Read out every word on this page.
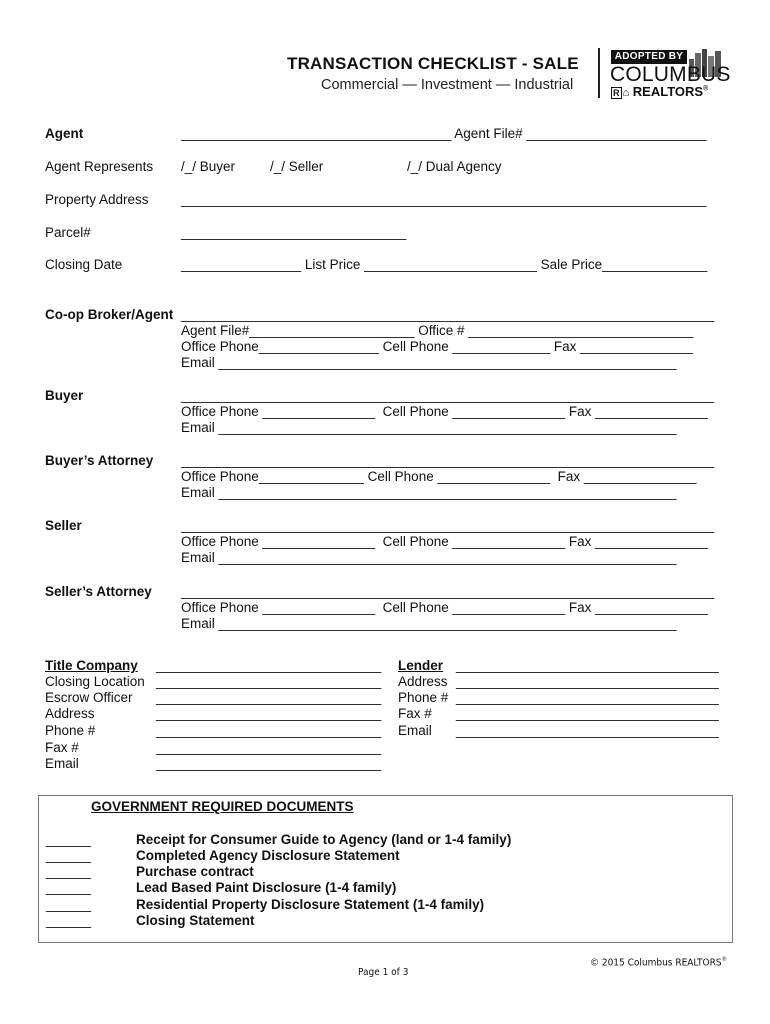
TRANSACTION CHECKLIST - SALE
Commercial — Investment — Industrial
ADOPTED BY
COLUMBUS
R ⌂ REALTORS®
Agent	____________________________________ Agent File# ________________________
Agent Represents /_/ Buyer	/_/ Seller	/_/ Dual Agency
Property Address ______________________________________________________________________
Parcel#	______________________________
Closing Date	________________ List Price _______________________ Sale Price______________
Co-op Broker/Agent _______________________________________________________________________
Agent File#______________________ Office # ______________________________
Office Phone________________ Cell Phone _____________ Fax _______________
Email _____________________________________________________________
Buyer	_______________________________________________________________________
Office Phone _______________  Cell Phone _______________ Fax _______________
Email _____________________________________________________________
Buyer’s Attorney _______________________________________________________________________
Office Phone______________ Cell Phone _______________  Fax _______________
Email _____________________________________________________________
Seller	_______________________________________________________________________
Office Phone _______________  Cell Phone _______________ Fax _______________
Email _____________________________________________________________
Seller’s Attorney _______________________________________________________________________
Office Phone _______________  Cell Phone _______________ Fax _______________
Email _____________________________________________________________
Title Company ______________________________
Closing Location ______________________________
Escrow Officer ______________________________
Address	______________________________
Phone #	______________________________
Fax #	______________________________
Email	______________________________
Lender ___________________________________
Address ___________________________________
Phone # ___________________________________
Fax # ___________________________________
Email ___________________________________
GOVERNMENT REQUIRED DOCUMENTS
______	Receipt for Consumer Guide to Agency (land or 1-4 family)
______	Completed Agency Disclosure Statement
______	Purchase contract
______	Lead Based Paint Disclosure (1-4 family)
______	Residential Property Disclosure Statement (1-4 family)
______	Closing Statement
© 2015 Columbus REALTORS®
Page 1 of 3
